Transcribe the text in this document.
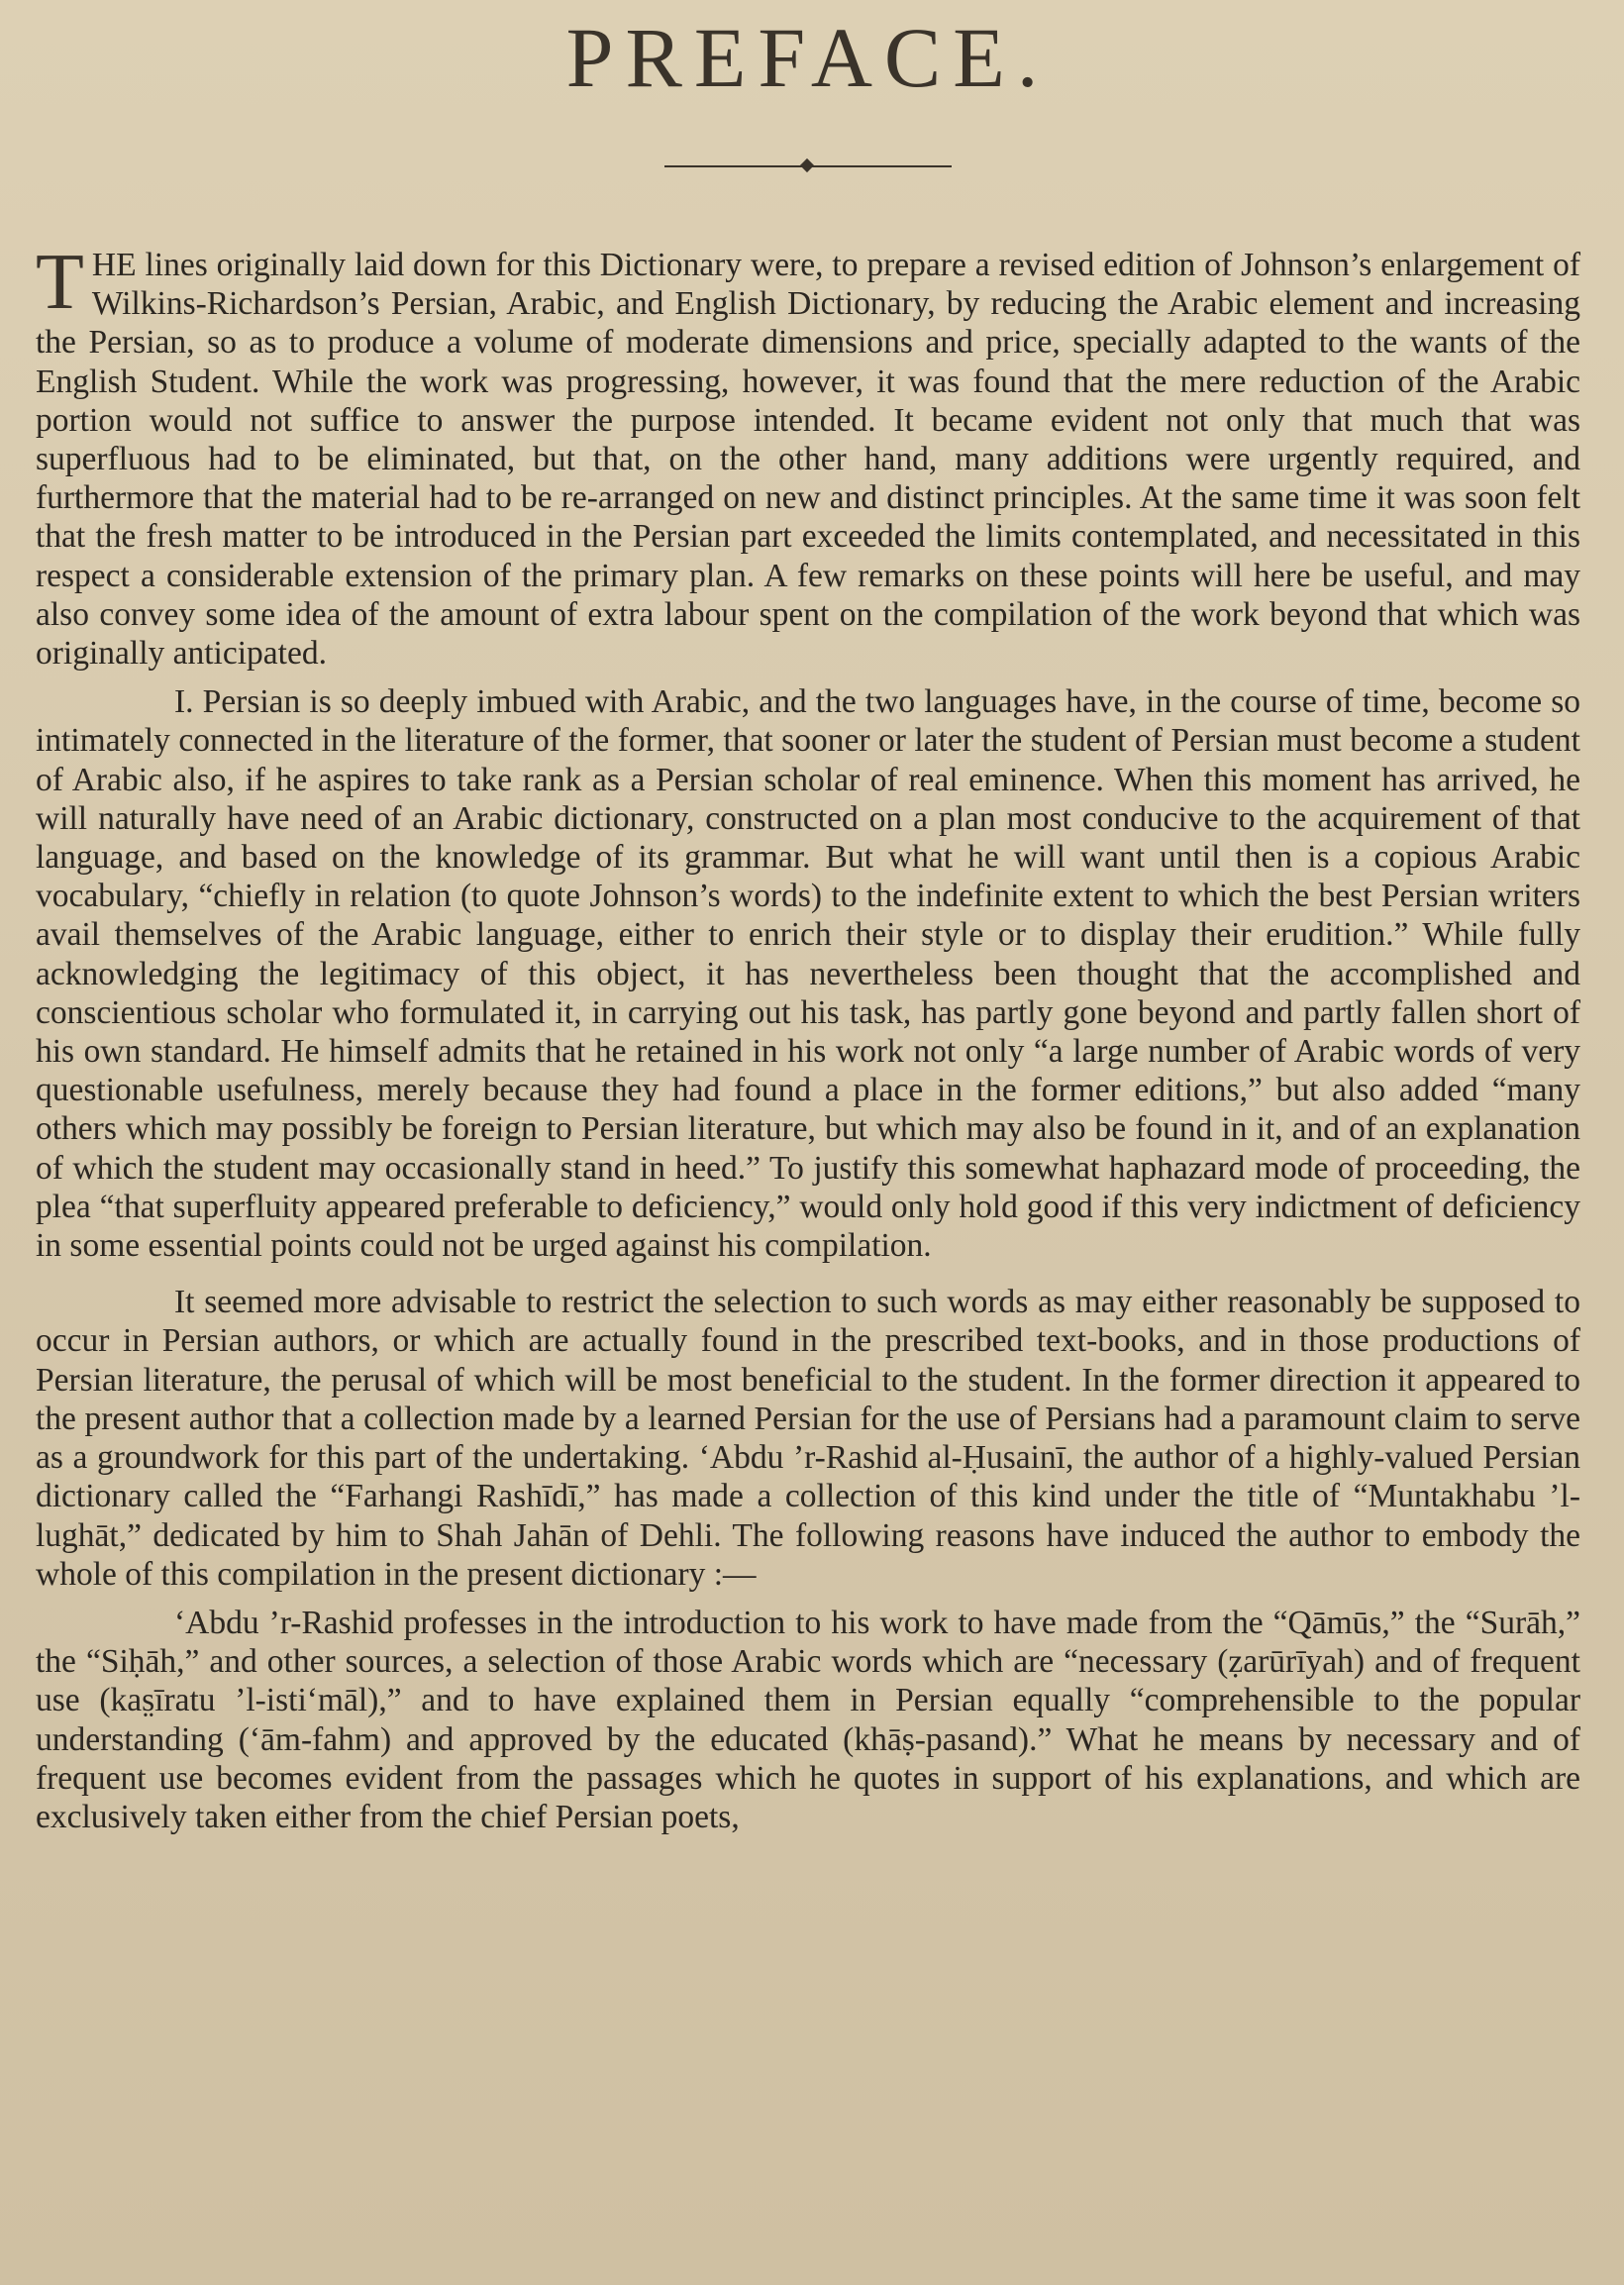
PREFACE.

THE lines originally laid down for this Dictionary were, to prepare a revised edition of Johnson’s enlargement of Wilkins-Richardson’s Persian, Arabic, and English Dictionary, by reducing the Arabic element and increasing the Persian, so as to produce a volume of moderate dimensions and price, specially adapted to the wants of the English Student. While the work was progressing, however, it was found that the mere reduction of the Arabic portion would not suffice to answer the purpose intended. It became evident not only that much that was superfluous had to be eliminated, but that, on the other hand, many additions were urgently required, and furthermore that the material had to be re-arranged on new and distinct principles. At the same time it was soon felt that the fresh matter to be introduced in the Persian part exceeded the limits contemplated, and necessitated in this respect a considerable extension of the primary plan. A few remarks on these points will here be useful, and may also convey some idea of the amount of extra labour spent on the compilation of the work beyond that which was originally anticipated.

I. Persian is so deeply imbued with Arabic, and the two languages have, in the course of time, become so intimately connected in the literature of the former, that sooner or later the student of Persian must become a student of Arabic also, if he aspires to take rank as a Persian scholar of real eminence. When this moment has arrived, he will naturally have need of an Arabic dictionary, constructed on a plan most conducive to the acquirement of that language, and based on the knowledge of its grammar. But what he will want until then is a copious Arabic vocabulary, “chiefly in relation (to quote Johnson’s words) to the indefinite extent to which the best Persian writers avail themselves of the Arabic language, either to enrich their style or to display their erudition.” While fully acknowledging the legitimacy of this object, it has nevertheless been thought that the accomplished and conscientious scholar who formulated it, in carrying out his task, has partly gone beyond and partly fallen short of his own standard. He himself admits that he retained in his work not only “a large number of Arabic words of very questionable usefulness, merely because they had found a place in the former editions,” but also added “many others which may possibly be foreign to Persian literature, but which may also be found in it, and of an explanation of which the student may occasionally stand in heed.” To justify this somewhat haphazard mode of proceeding, the plea “that superfluity appeared preferable to deficiency,” would only hold good if this very indictment of deficiency in some essential points could not be urged against his compilation.

It seemed more advisable to restrict the selection to such words as may either reasonably be supposed to occur in Persian authors, or which are actually found in the prescribed text-books, and in those productions of Persian literature, the perusal of which will be most beneficial to the student. In the former direction it appeared to the present author that a collection made by a learned Persian for the use of Persians had a paramount claim to serve as a groundwork for this part of the undertaking. ‘Abdu ’r-Rashid al-Ḥusainī, the author of a highly-valued Persian dictionary called the “Farhangi Rashīdī,” has made a collection of this kind under the title of “Muntakhabu ’l-lughāt,” dedicated by him to Shah Jahān of Dehli. The following reasons have induced the author to embody the whole of this compilation in the present dictionary :—

‘Abdu ’r-Rashid professes in the introduction to his work to have made from the “Qāmūs,” the “Surāh,” the “Siḥāh,” and other sources, a selection of those Arabic words which are “necessary (ẓarūrīyah) and of frequent use (kas̤īratu ’l-isti‘māl),” and to have explained them in Persian equally “comprehensible to the popular understanding (‘ām-fahm) and approved by the educated (khāṣ-pasand).” What he means by necessary and of frequent use becomes evident from the passages which he quotes in support of his explanations, and which are exclusively taken either from the chief Persian poets,
